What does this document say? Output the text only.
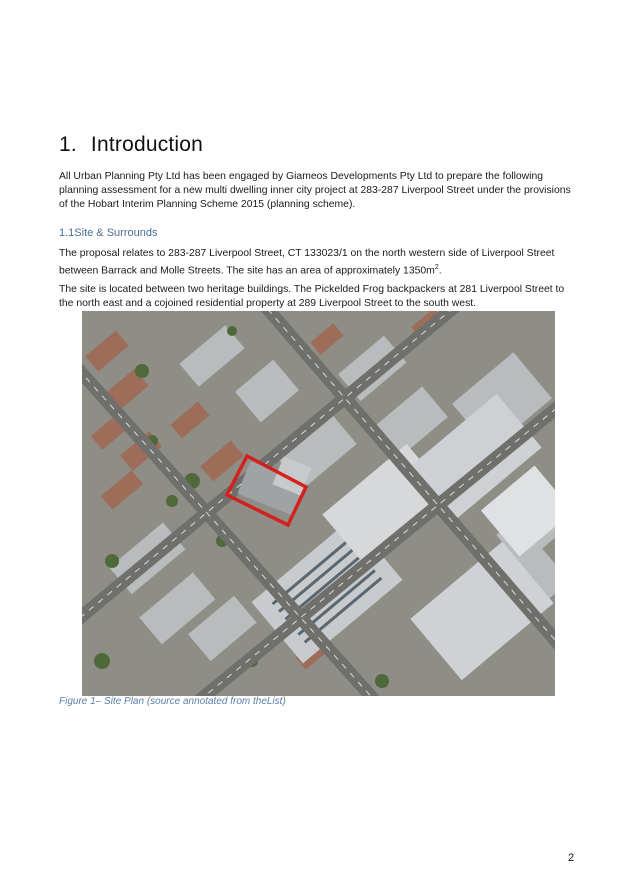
1. Introduction

All Urban Planning Pty Ltd has been engaged by Giameos Developments Pty Ltd to prepare the following planning assessment for a new multi dwelling inner city project at 283-287 Liverpool Street under the provisions of the Hobart Interim Planning Scheme 2015 (planning scheme).

1.1Site & Surrounds

The proposal relates to 283-287 Liverpool Street, CT 133023/1 on the north western side of Liverpool Street between Barrack and Molle Streets. The site has an area of approximately $1350m^2$.

The site is located between two heritage buildings. The Pickelded Frog backpackers at 281 Liverpool Street to the north east and a cojoined residential property at 289 Liverpool Street to the south west.

Figure 1– Site Plan (source annotated from theList)

2
